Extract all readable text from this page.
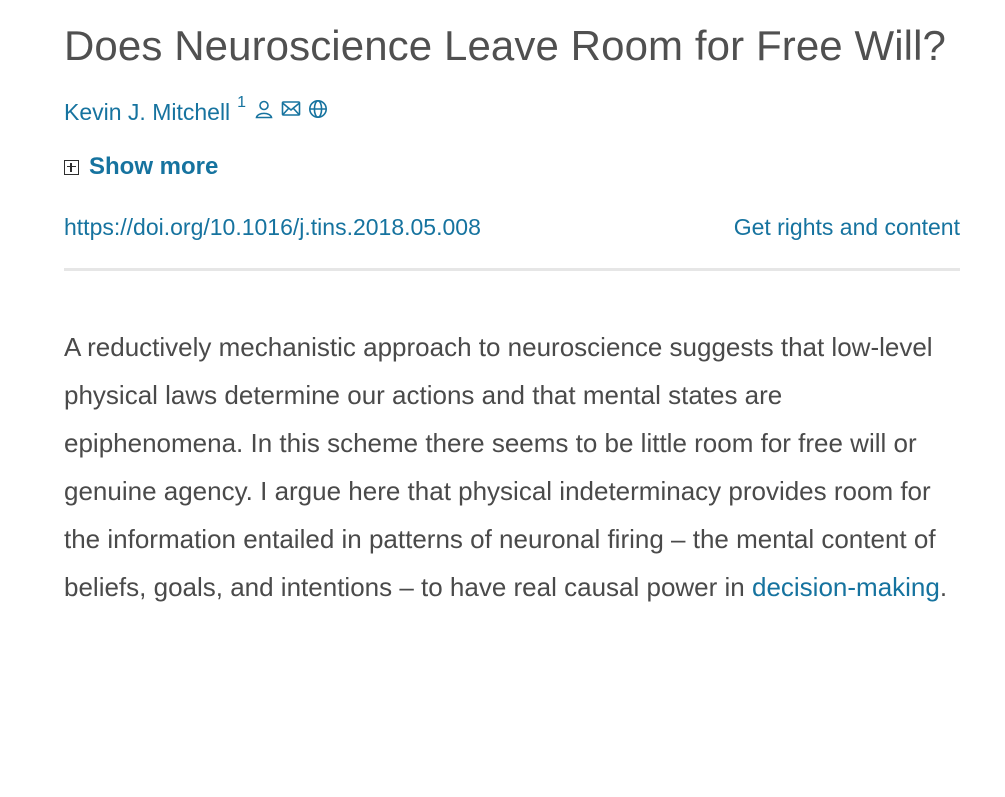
Does Neuroscience Leave Room for Free Will?
Kevin J. Mitchell $^1$
Show more
https://doi.org/10.1016/j.tins.2018.05.008	Get rights and content

A reductively mechanistic approach to neuroscience suggests that low-level physical laws determine our actions and that mental states are epiphenomena. In this scheme there seems to be little room for free will or genuine agency. I argue here that physical indeterminacy provides room for the information entailed in patterns of neuronal firing – the mental content of beliefs, goals, and intentions – to have real causal power in decision-making.
